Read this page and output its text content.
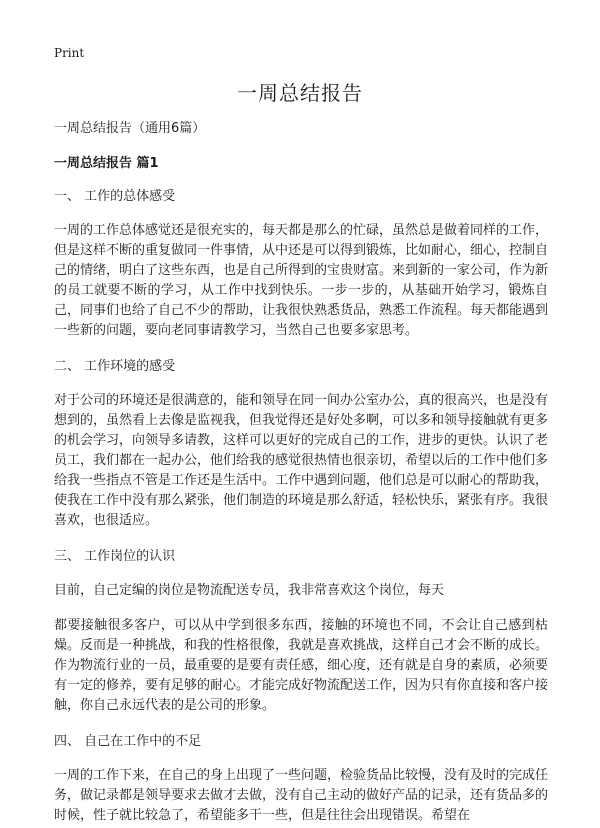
Print
一周总结报告

一周总结报告（通用6篇）

一周总结报告 篇1

一、 工作的总体感受

一周的工作总体感觉还是很充实的，每天都是那么的忙碌，虽然总是做着同样的工作，但是这样不断的重复做同一件事情，从中还是可以得到锻炼，比如耐心，细心，控制自己的情绪，明白了这些东西，也是自己所得到的宝贵财富。来到新的一家公司，作为新的员工就要不断的学习，从工作中找到快乐。一步一步的，从基础开始学习，锻炼自己，同事们也给了自己不少的帮助，让我很快熟悉货品，熟悉工作流程。每天都能遇到一些新的问题，要向老同事请教学习，当然自己也要多家思考。

二、 工作环境的感受

对于公司的环境还是很满意的，能和领导在同一间办公室办公，真的很高兴，也是没有想到的，虽然看上去像是监视我，但我觉得还是好处多啊，可以多和领导接触就有更多的机会学习，向领导多请教，这样可以更好的完成自己的工作，进步的更快。认识了老员工，我们都在一起办公，他们给我的感觉很热情也很亲切，希望以后的工作中他们多给我一些指点不管是工作还是生活中。工作中遇到问题，他们总是可以耐心的帮助我，使我在工作中没有那么紧张，他们制造的环境是那么舒适，轻松快乐，紧张有序。我很喜欢，也很适应。

三、 工作岗位的认识

目前，自己定编的岗位是物流配送专员，我非常喜欢这个岗位，每天

都要接触很多客户，可以从中学到很多东西，接触的环境也不同，不会让自己感到枯燥。反而是一种挑战，和我的性格很像，我就是喜欢挑战，这样自己才会不断的成长。作为物流行业的一员，最重要的是要有责任感，细心度，还有就是自身的素质，必须要有一定的修养，要有足够的耐心。才能完成好物流配送工作，因为只有你直接和客户接触，你自己永远代表的是公司的形象。

四、 自己在工作中的不足

一周的工作下来，在自己的身上出现了一些问题，检验货品比较慢，没有及时的完成任务，做记录都是领导要求去做才去做，没有自己主动的做好产品的记录，还有货品多的时候，性子就比较急了，希望能多干一些，但是往往会出现错误。希望在
